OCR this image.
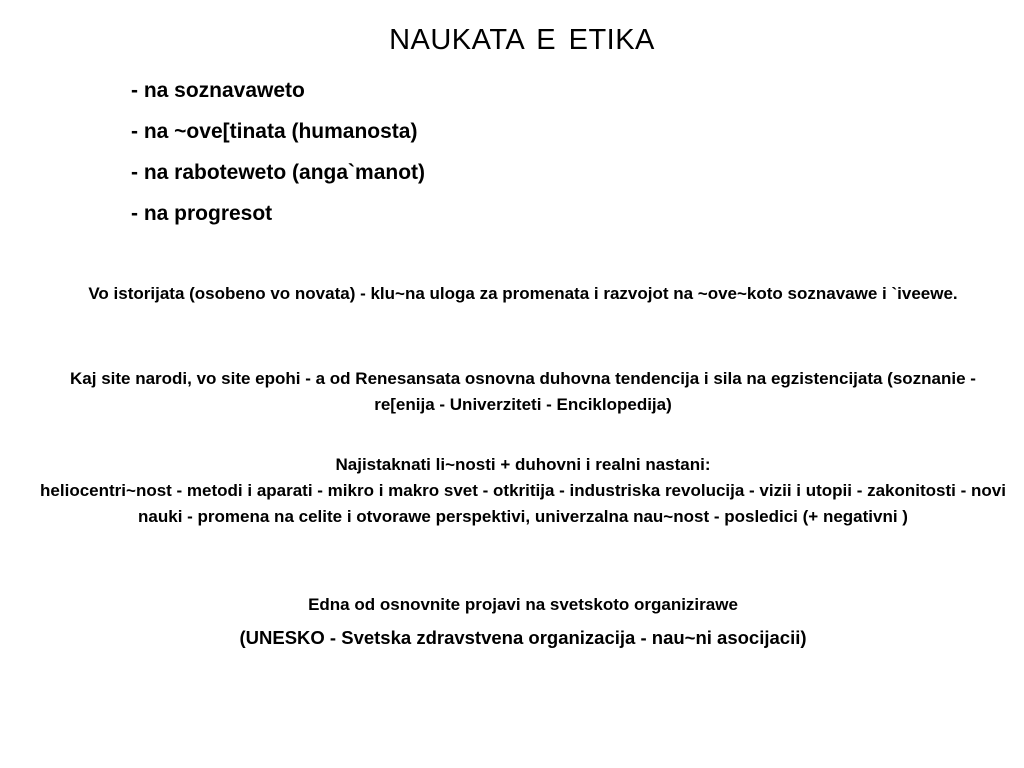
NAUKATA E ETIKA
- na soznavaweto
- na ~ove[tinata (humanosta)
- na raboteweto (anga`manot)
- na progresot

Vo istorijata (osobeno vo novata) - klu~na uloga za promenata i razvojot na ~ove~koto soznavawe i `iveewe.

Kaj site narodi, vo site epohi - a od Renesansata osnovna duhovna tendencija i sila na egzistencijata (soznanie - re[enija - Univerziteti - Enciklopedija)

Najistaknati li~nosti + duhovni i realni nastani:
heliocentri~nost - metodi i aparati - mikro i makro svet - otkritija - industriska revolucija - vizii i utopii - zakonitosti - novi nauki - promena na celite i otvorawe perspektivi, univerzalna nau~nost - posledici (+ negativni )

Edna od osnovnite projavi na svetskoto organizirawe

(UNESKO - Svetska zdravstvena organizacija - nau~ni asocijacii)
